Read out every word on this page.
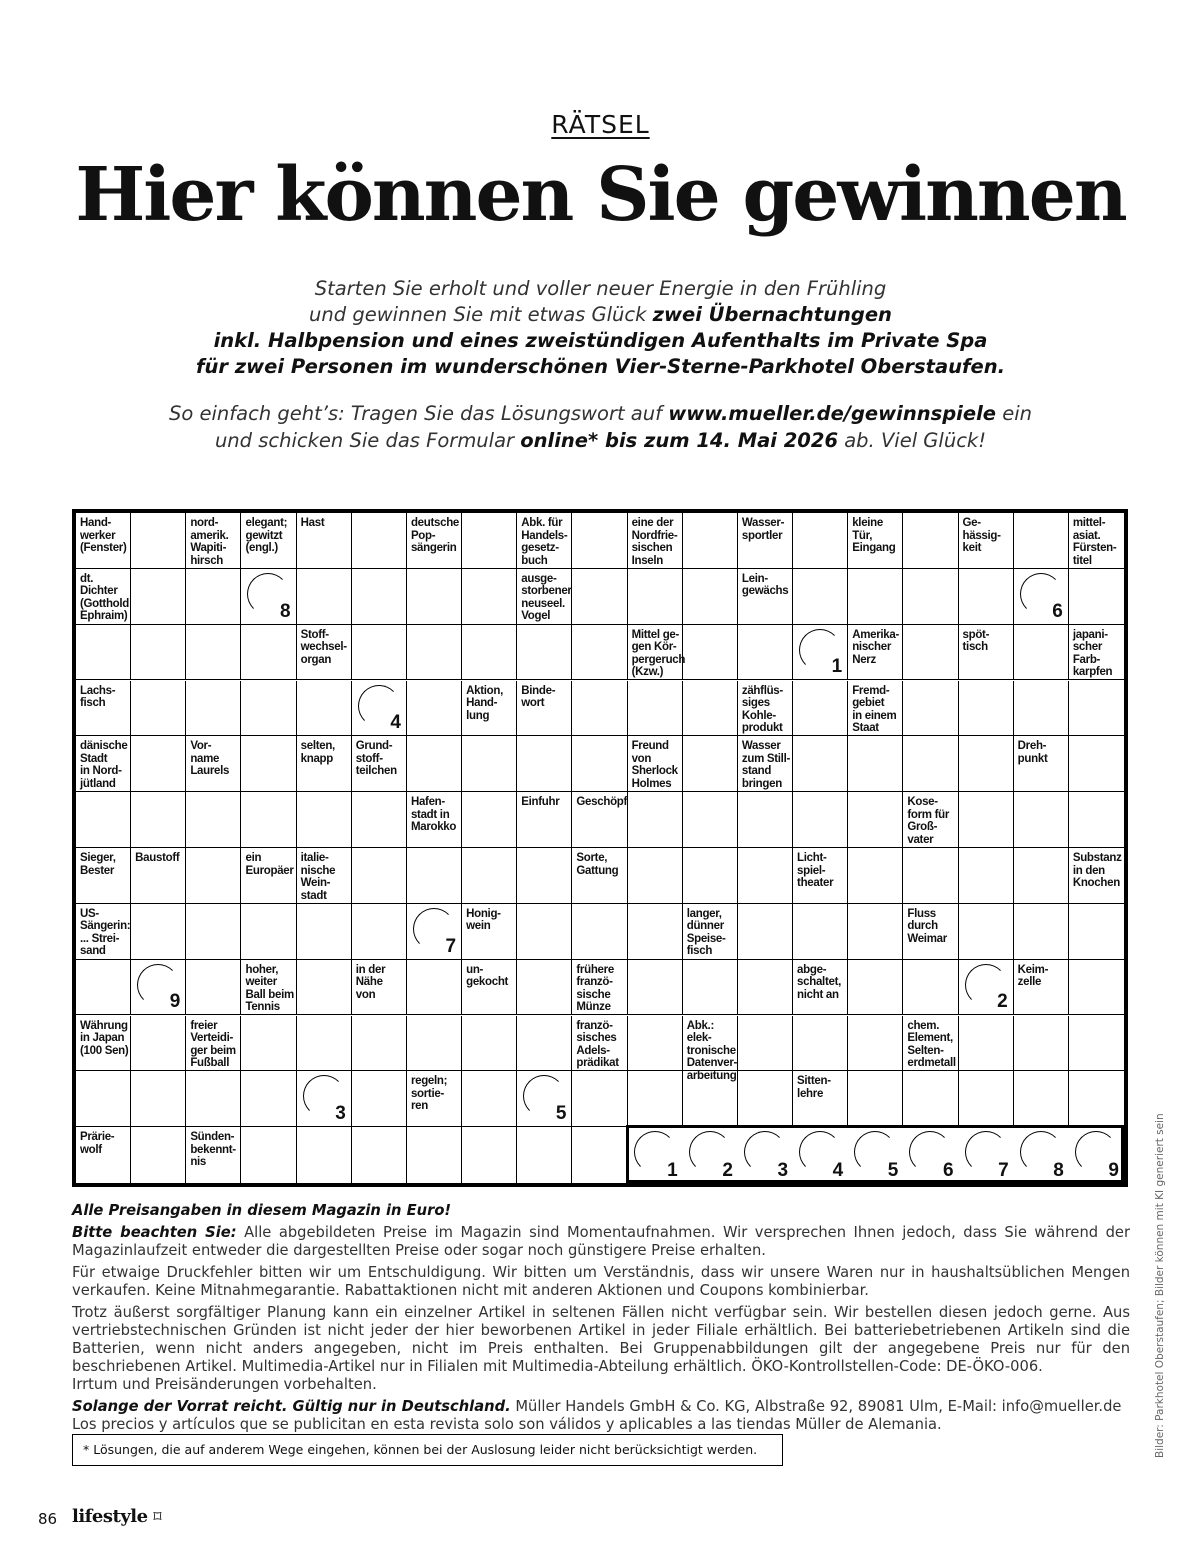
RÄTSEL
Hier können Sie gewinnen
Starten Sie erholt und voller neuer Energie in den Frühling
und gewinnen Sie mit etwas Glück zwei Übernachtungen
inkl. Halbpension und eines zweistündigen Aufenthalts im Private Spa
für zwei Personen im wunderschönen Vier-Sterne-Parkhotel Oberstaufen.
So einfach geht’s: Tragen Sie das Lösungswort auf www.mueller.de/gewinnspiele ein
und schicken Sie das Formular online* bis zum 14. Mai 2026 ab. Viel Glück!
Hand-
werker
(Fenster)
nord-
amerik.
Wapiti-
hirsch
elegant;
gewitzt
(engl.)
Hast	deutsche
Pop-
sängerin
Abk. für
Handels-
gesetz-
buch
eine der
Nordfrie-
sischen
Inseln
Wasser-
sportler
kleine
Tür,
Eingang
Ge-
hässig-
keit
mittel-
asiat.
Fürsten-
titel
dt.
Dichter
(Gotthold
Ephraim)	8
ausge-
storbener
neuseel.
Vogel
Lein-
gewächs
6
Stoff-
wechsel-
organ
Mittel ge-
gen Kör-
pergeruch
(Kzw.)	1
Amerika-
nischer
Nerz
spöt-
tisch
japani-
scher
Farb-
karpfen
Lachs-
fisch
4
Aktion,
Hand-
lung
Binde-
wort
zähflüs-
siges
Kohle-
produkt
Fremd-
gebiet
in einem
Staat
dänische
Stadt
in Nord-
jütland
Vor-
name
Laurels
selten,
knapp
Grund-
stoff-
teilchen
Freund
von
Sherlock
Holmes
Wasser
zum Still-
stand
bringen
Dreh-
punkt
Hafen-
stadt in
Marokko
Einfuhr	Geschöpf	Kose-
form für
Groß-
vater
Sieger,
Bester
Baustoff	ein
Europäer
italie-
nische
Wein-
stadt
Sorte,
Gattung
Licht-
spiel-
theater
Substanz
in den
Knochen
US-
Sängerin:
... Strei-
sand	7
Honig-
wein
langer,
dünner
Speise-
fisch
Fluss
durch
Weimar
9
hoher,
weiter
Ball beim
Tennis
in der
Nähe
von
un-
gekocht
frühere
franzö-
sische
Münze
abge-
schaltet,
nicht an	2
Keim-
zelle
Währung
in Japan
(100 Sen)
freier
Verteidi-
ger beim
Fußball
franzö-
sisches
Adels-
prädikat
Abk.: elek-
tronische
Datenver-
arbeitung
chem.
Element,
Selten-
erdmetall
3
regeln;
sortie-
ren	5
Sitten-
lehre
Prärie-
wolf
Sünden-
bekennt-
nis	1 2 3 4 5 6 7 8 9

Alle Preisangaben in diesem Magazin in Euro!

Bitte beachten Sie: Alle abgebildeten Preise im Magazin sind Momentaufnahmen. Wir versprechen Ihnen jedoch, dass Sie während der Magazinlaufzeit entweder die dargestellten Preise oder sogar noch günstigere Preise erhalten.

Für etwaige Druckfehler bitten wir um Entschuldigung. Wir bitten um Verständnis, dass wir unsere Waren nur in haushaltsüblichen Mengen verkaufen. Keine Mitnahmegarantie. Rabattaktionen nicht mit anderen Aktionen und Coupons kombinierbar.

Trotz äußerst sorgfältiger Planung kann ein einzelner Artikel in seltenen Fällen nicht verfügbar sein. Wir bestellen diesen jedoch gerne. Aus vertriebstechnischen Gründen ist nicht jeder der hier beworbenen Artikel in jeder Filiale erhältlich. Bei batteriebetriebenen Artikeln sind die Batterien, wenn nicht anders angegeben, nicht im Preis enthalten. Bei Gruppenabbildungen gilt der angegebene Preis nur für den beschriebenen Artikel. Multimedia-Artikel nur in Filialen mit Multimedia-Abteilung erhältlich. ÖKO-Kontrollstellen-Code: DE-ÖKO-006.

Irrtum und Preisänderungen vorbehalten.

Solange der Vorrat reicht. Gültig nur in Deutschland. Müller Handels GmbH & Co. KG, Albstraße 92, 89081 Ulm, E-Mail: info@mueller.de

Los precios y artículos que se publicitan en esta revista solo son válidos y aplicables a las tiendas Müller de Alemania.

* Lösungen, die auf anderem Wege eingehen, können bei der Auslosung leider nicht berücksichtigt werden.	Bilder: Parkhotel Oberstaufen; Bilder können mit KI generiert sein
86 lifestyle ⌑
